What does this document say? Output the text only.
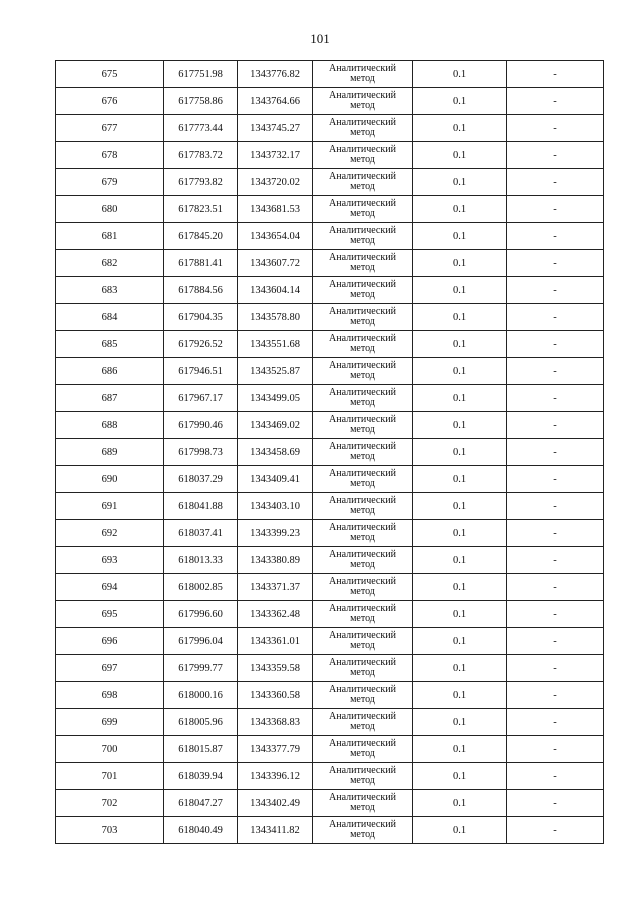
101
675	617751.98	1343776.82	Аналитический
метод	0.1	-
676	617758.86	1343764.66	Аналитический
метод	0.1	-
677	617773.44	1343745.27	Аналитический
метод	0.1	-
678	617783.72	1343732.17	Аналитический
метод	0.1	-
679	617793.82	1343720.02	Аналитический
метод	0.1	-
680	617823.51	1343681.53	Аналитический
метод	0.1	-
681	617845.20	1343654.04	Аналитический
метод	0.1	-
682	617881.41	1343607.72	Аналитический
метод	0.1	-
683	617884.56	1343604.14	Аналитический
метод	0.1	-
684	617904.35	1343578.80	Аналитический
метод	0.1	-
685	617926.52	1343551.68	Аналитический
метод	0.1	-
686	617946.51	1343525.87	Аналитический
метод	0.1	-
687	617967.17	1343499.05	Аналитический
метод	0.1	-
688	617990.46	1343469.02	Аналитический
метод	0.1	-
689	617998.73	1343458.69	Аналитический
метод	0.1	-
690	618037.29	1343409.41	Аналитический
метод	0.1	-
691	618041.88	1343403.10	Аналитический
метод	0.1	-
692	618037.41	1343399.23	Аналитический
метод	0.1	-
693	618013.33	1343380.89	Аналитический
метод	0.1	-
694	618002.85	1343371.37	Аналитический
метод	0.1	-
695	617996.60	1343362.48	Аналитический
метод	0.1	-
696	617996.04	1343361.01	Аналитический
метод	0.1	-
697	617999.77	1343359.58	Аналитический
метод	0.1	-
698	618000.16	1343360.58	Аналитический
метод	0.1	-
699	618005.96	1343368.83	Аналитический
метод	0.1	-
700	618015.87	1343377.79	Аналитический
метод	0.1	-
701	618039.94	1343396.12	Аналитический
метод	0.1	-
702	618047.27	1343402.49	Аналитический
метод	0.1	-
703	618040.49	1343411.82	Аналитический
метод	0.1	-
